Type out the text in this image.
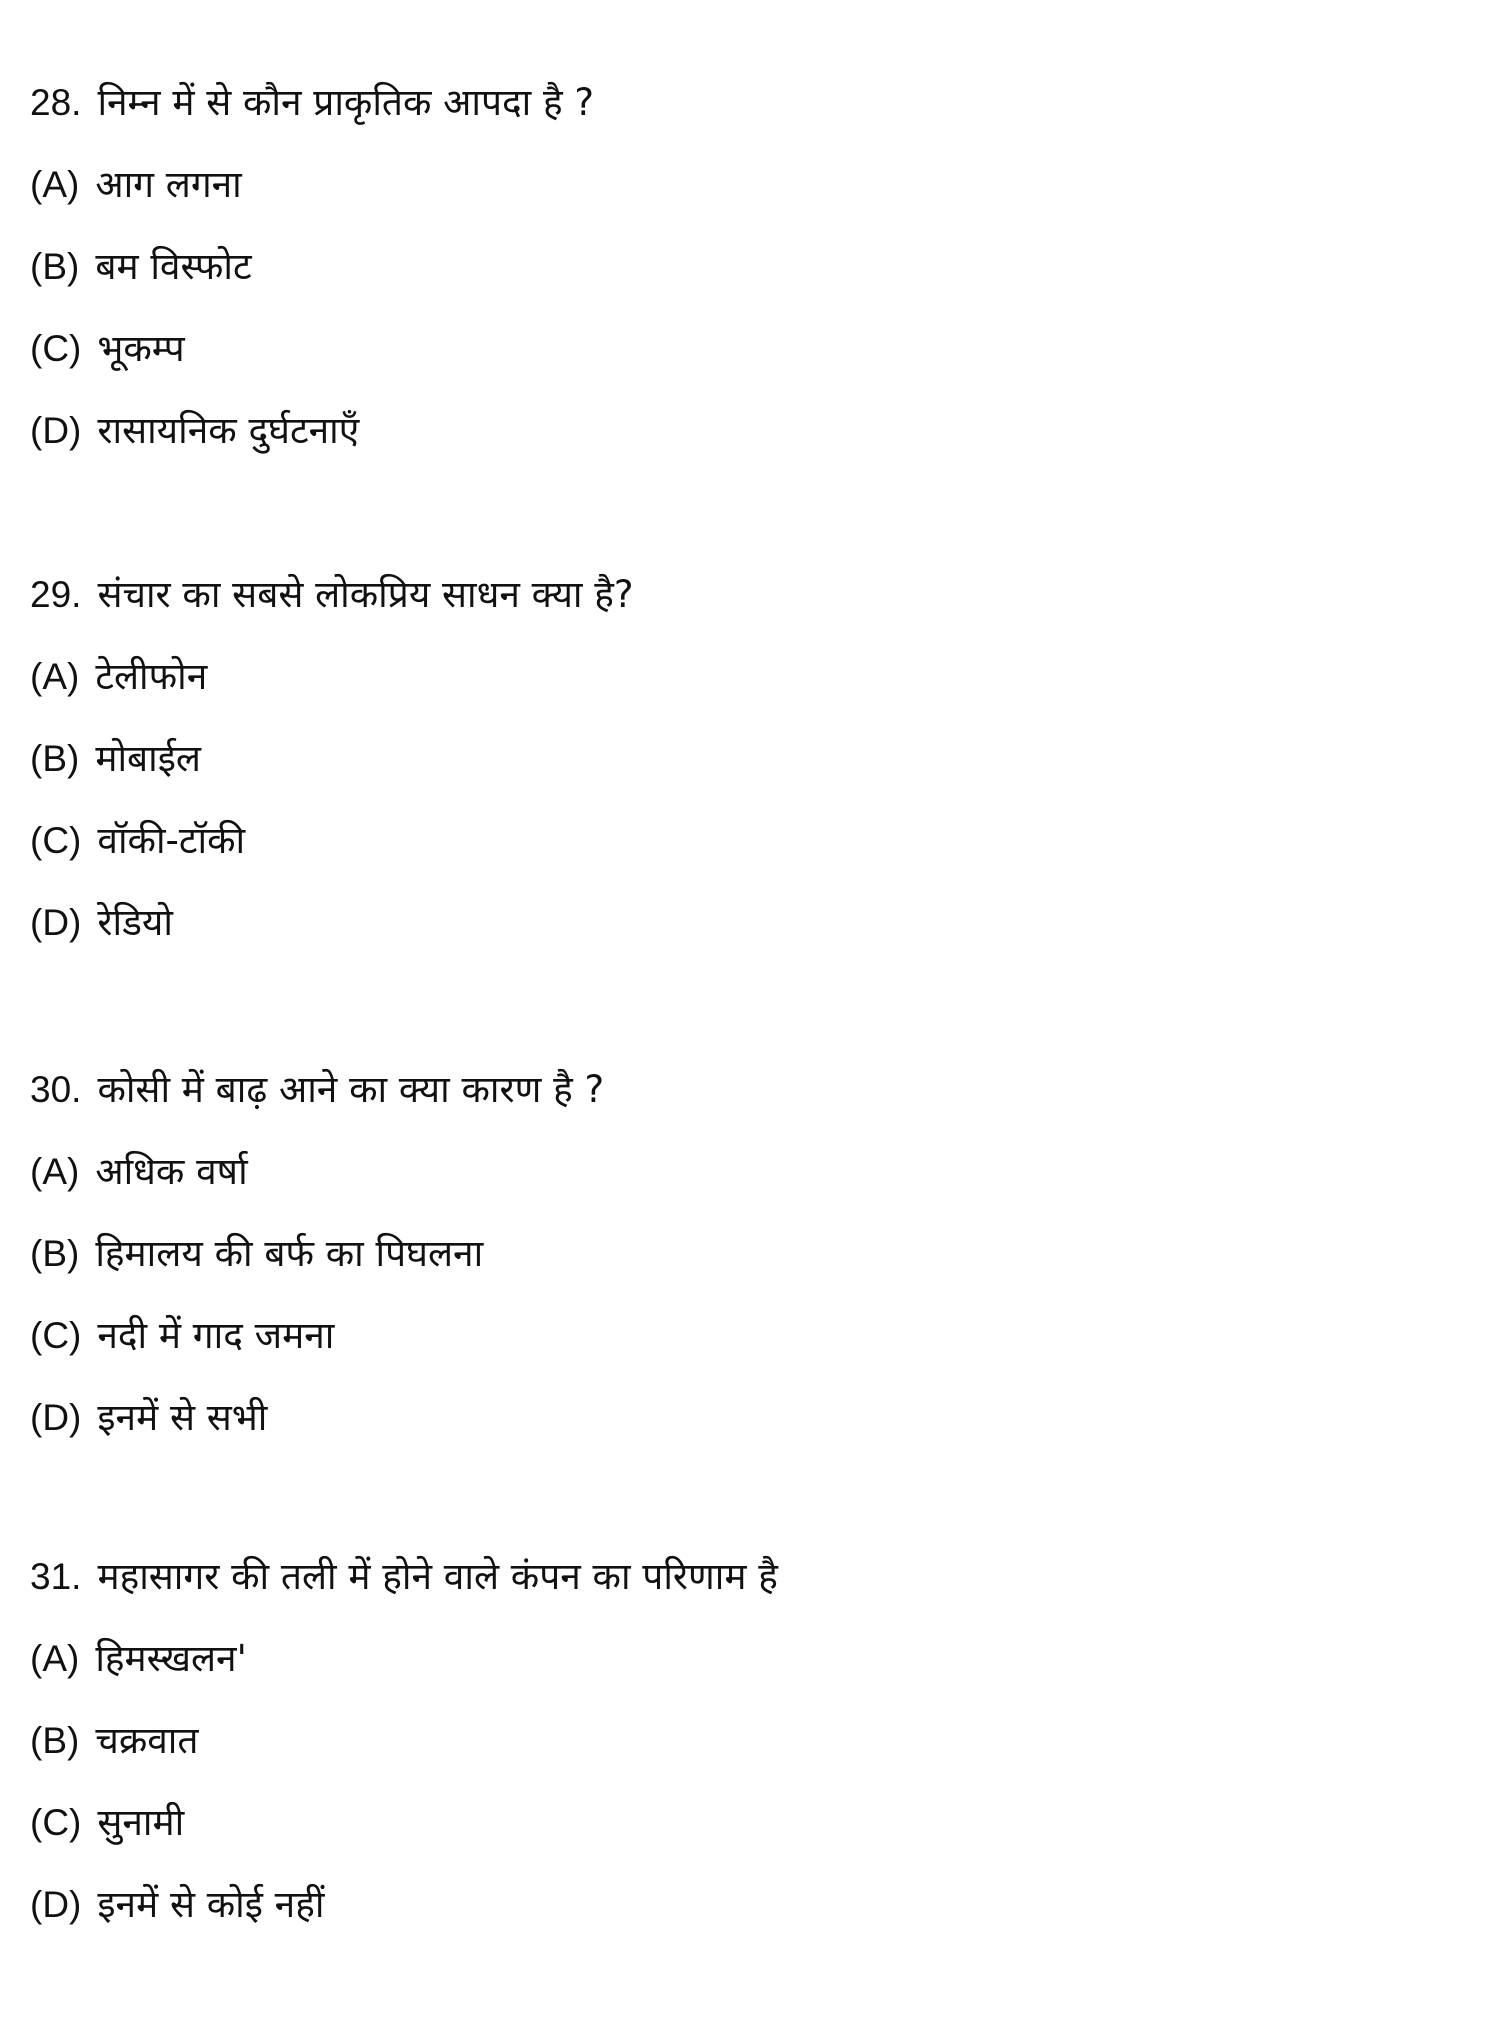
28. निम्न में से कौन प्राकृतिक आपदा है ?
(A) आग लगना
(B) बम विस्फोट
(C) भूकम्प
(D) रासायनिक दुर्घटनाएँ
29. संचार का सबसे लोकप्रिय साधन क्या है?
(A) टेलीफोन
(B) मोबाईल
(C) वॉकी-टॉकी
(D) रेडियो
30. कोसी में बाढ़ आने का क्या कारण है ?
(A) अधिक वर्षा
(B) हिमालय की बर्फ का पिघलना
(C) नदी में गाद जमना
(D) इनमें से सभी
31. महासागर की तली में होने वाले कंपन का परिणाम है
(A) हिमस्खलन'
(B) चक्रवात
(C) सुनामी
(D) इनमें से कोई नहीं
